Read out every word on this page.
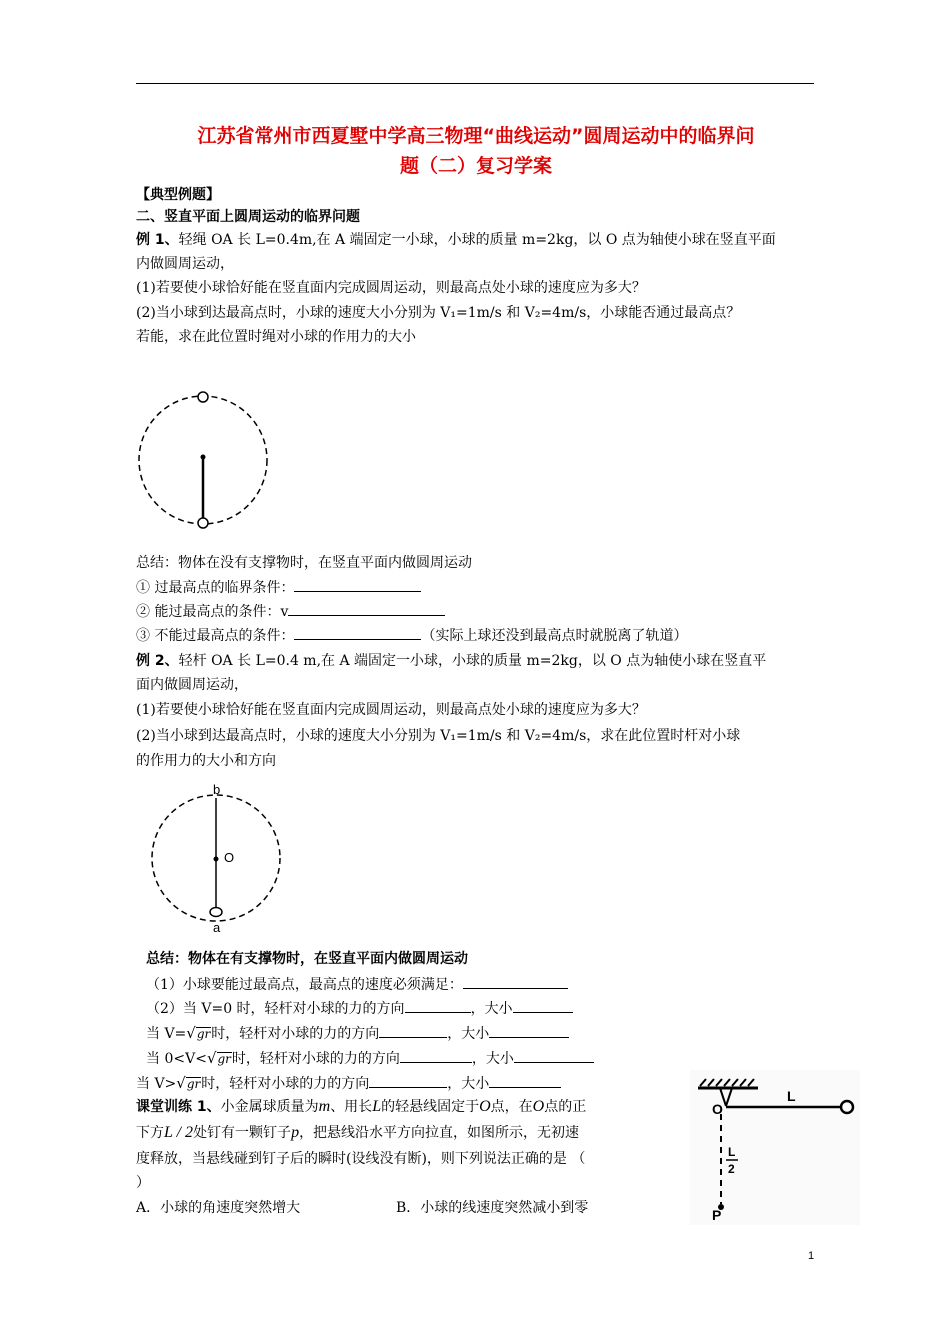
江苏省常州市西夏墅中学高三物理“曲线运动”圆周运动中的临界问
题（二）复习学案
【典型例题】
二、竖直平面上圆周运动的临界问题
例 1、轻绳 OA 长 L=0.4m,在 A 端固定一小球，小球的质量 m=2kg，以 O 点为轴使小球在竖直平面
内做圆周运动，
(1)若要使小球恰好能在竖直面内完成圆周运动，则最高点处小球的速度应为多大？
(2)当小球到达最高点时，小球的速度大小分别为 V₁=1m/s 和 V₂=4m/s，小球能否通过最高点？
若能，求在此位置时绳对小球的作用力的大小
总结：物体在没有支撑物时，在竖直平面内做圆周运动
① 过最高点的临界条件：
② 能过最高点的条件：v
③ 不能过最高点的条件：	（实际上球还没到最高点时就脱离了轨道）
例 2、轻杆 OA 长 L=0.4 m,在 A 端固定一小球，小球的质量 m=2kg，以 O 点为轴使小球在竖直平
面内做圆周运动，
(1)若要使小球恰好能在竖直面内完成圆周运动，则最高点处小球的速度应为多大？
(2)当小球到达最高点时，小球的速度大小分别为 V₁=1m/s 和 V₂=4m/s，求在此位置时杆对小球
的作用力的大小和方向
b
O
a
总结：物体在有支撑物时，在竖直平面内做圆周运动
（1）小球要能过最高点，最高点的速度必须满足：
（2）当 V=0 时，轻杆对小球的力的方向	，大小
当 V=√gr时，轻杆对小球的力的方向	，大小
当 0<V<√gr时，轻杆对小球的力的方向	，大小
当 V>√gr时，轻杆对小球的力的方向	，大小
课堂训练 1、小金属球质量为m、用长L的轻悬线固定于O点，在O点的正
下方L / 2处钉有一颗钉子p，把悬线沿水平方向拉直，如图所示，无初速
度释放，当悬线碰到钉子后的瞬时(设线没有断)，则下列说法正确的是 （
）
A．小球的角速度突然增大	B．小球的线速度突然减小到零
O
L
L
2
P
1
